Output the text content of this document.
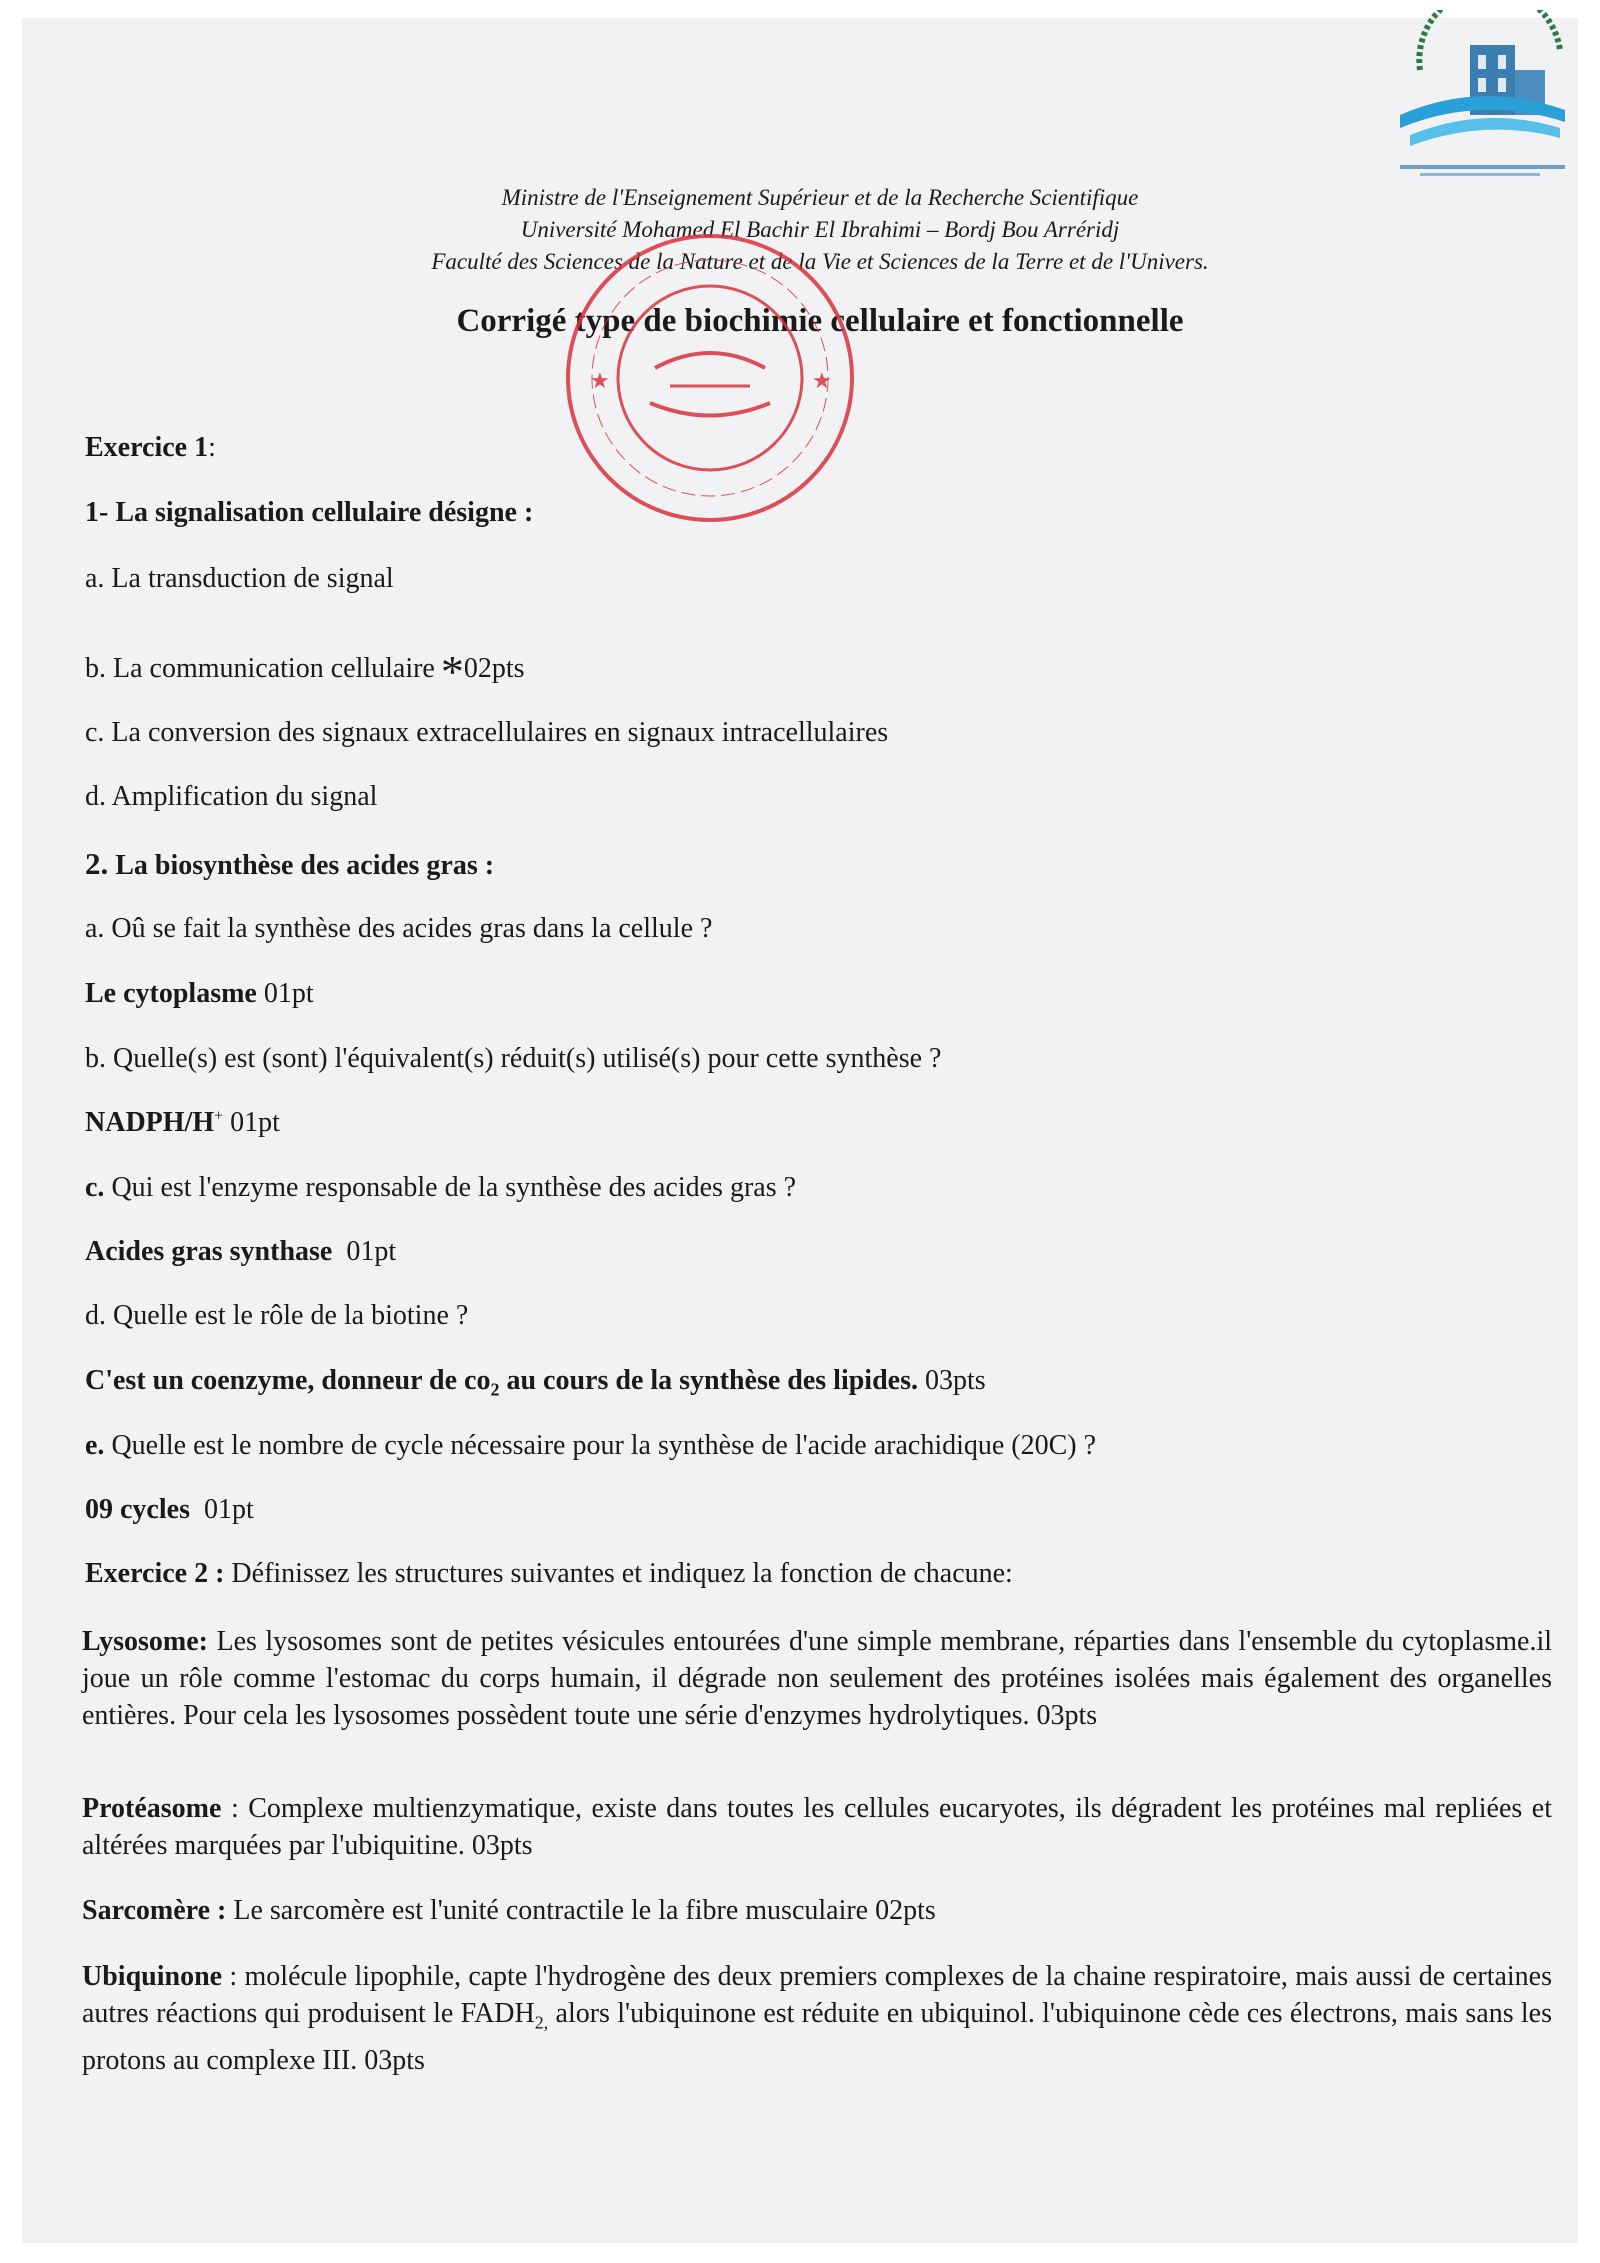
Ministre de l'Enseignement Supérieur et de la Recherche Scientifique
Université Mohamed El Bachir El Ibrahimi – Bordj Bou Arréridj
Faculté des Sciences de la Nature et de la Vie et Sciences de la Terre et de l'Univers.
Corrigé type de biochimie cellulaire et fonctionnelle
★	★
Exercice 1:
1- La signalisation cellulaire désigne :
a. La transduction de signal
b. La communication cellulaire *02pts
c. La conversion des signaux extracellulaires en signaux intracellulaires
d. Amplification du signal
2. La biosynthèse des acides gras :
a. Oû se fait la synthèse des acides gras dans la cellule ?
Le cytoplasme 01pt
b. Quelle(s) est (sont) l'équivalent(s) réduit(s) utilisé(s) pour cette synthèse ?
NADPH/H+ 01pt
c. Qui est l'enzyme responsable de la synthèse des acides gras ?
Acides gras synthase 01pt
d. Quelle est le rôle de la biotine ?
C'est un coenzyme, donneur de $co_2$ au cours de la synthèse des lipides. 03pts
e. Quelle est le nombre de cycle nécessaire pour la synthèse de l'acide arachidique (20C) ?
09 cycles 01pt
Exercice 2 : Définissez les structures suivantes et indiquez la fonction de chacune:
Lysosome: Les lysosomes sont de petites vésicules entourées d'une simple membrane, réparties dans l'ensemble du cytoplasme.il joue un rôle comme l'estomac du corps humain, il dégrade non seulement des protéines isolées mais également des organelles entières. Pour cela les lysosomes possèdent toute une série d'enzymes hydrolytiques. 03pts
Protéasome : Complexe multienzymatique, existe dans toutes les cellules eucaryotes, ils dégradent les protéines mal repliées et altérées marquées par l'ubiquitine. 03pts
Sarcomère : Le sarcomère est l'unité contractile le la fibre musculaire 02pts
Ubiquinone : molécule lipophile, capte l'hydrogène des deux premiers complexes de la chaine respiratoire, mais aussi de certaines autres réactions qui produisent le $FADH_{2,}$ alors l'ubiquinone est réduite en ubiquinol. l'ubiquinone cède ces électrons, mais sans les protons au complexe III. 03pts
